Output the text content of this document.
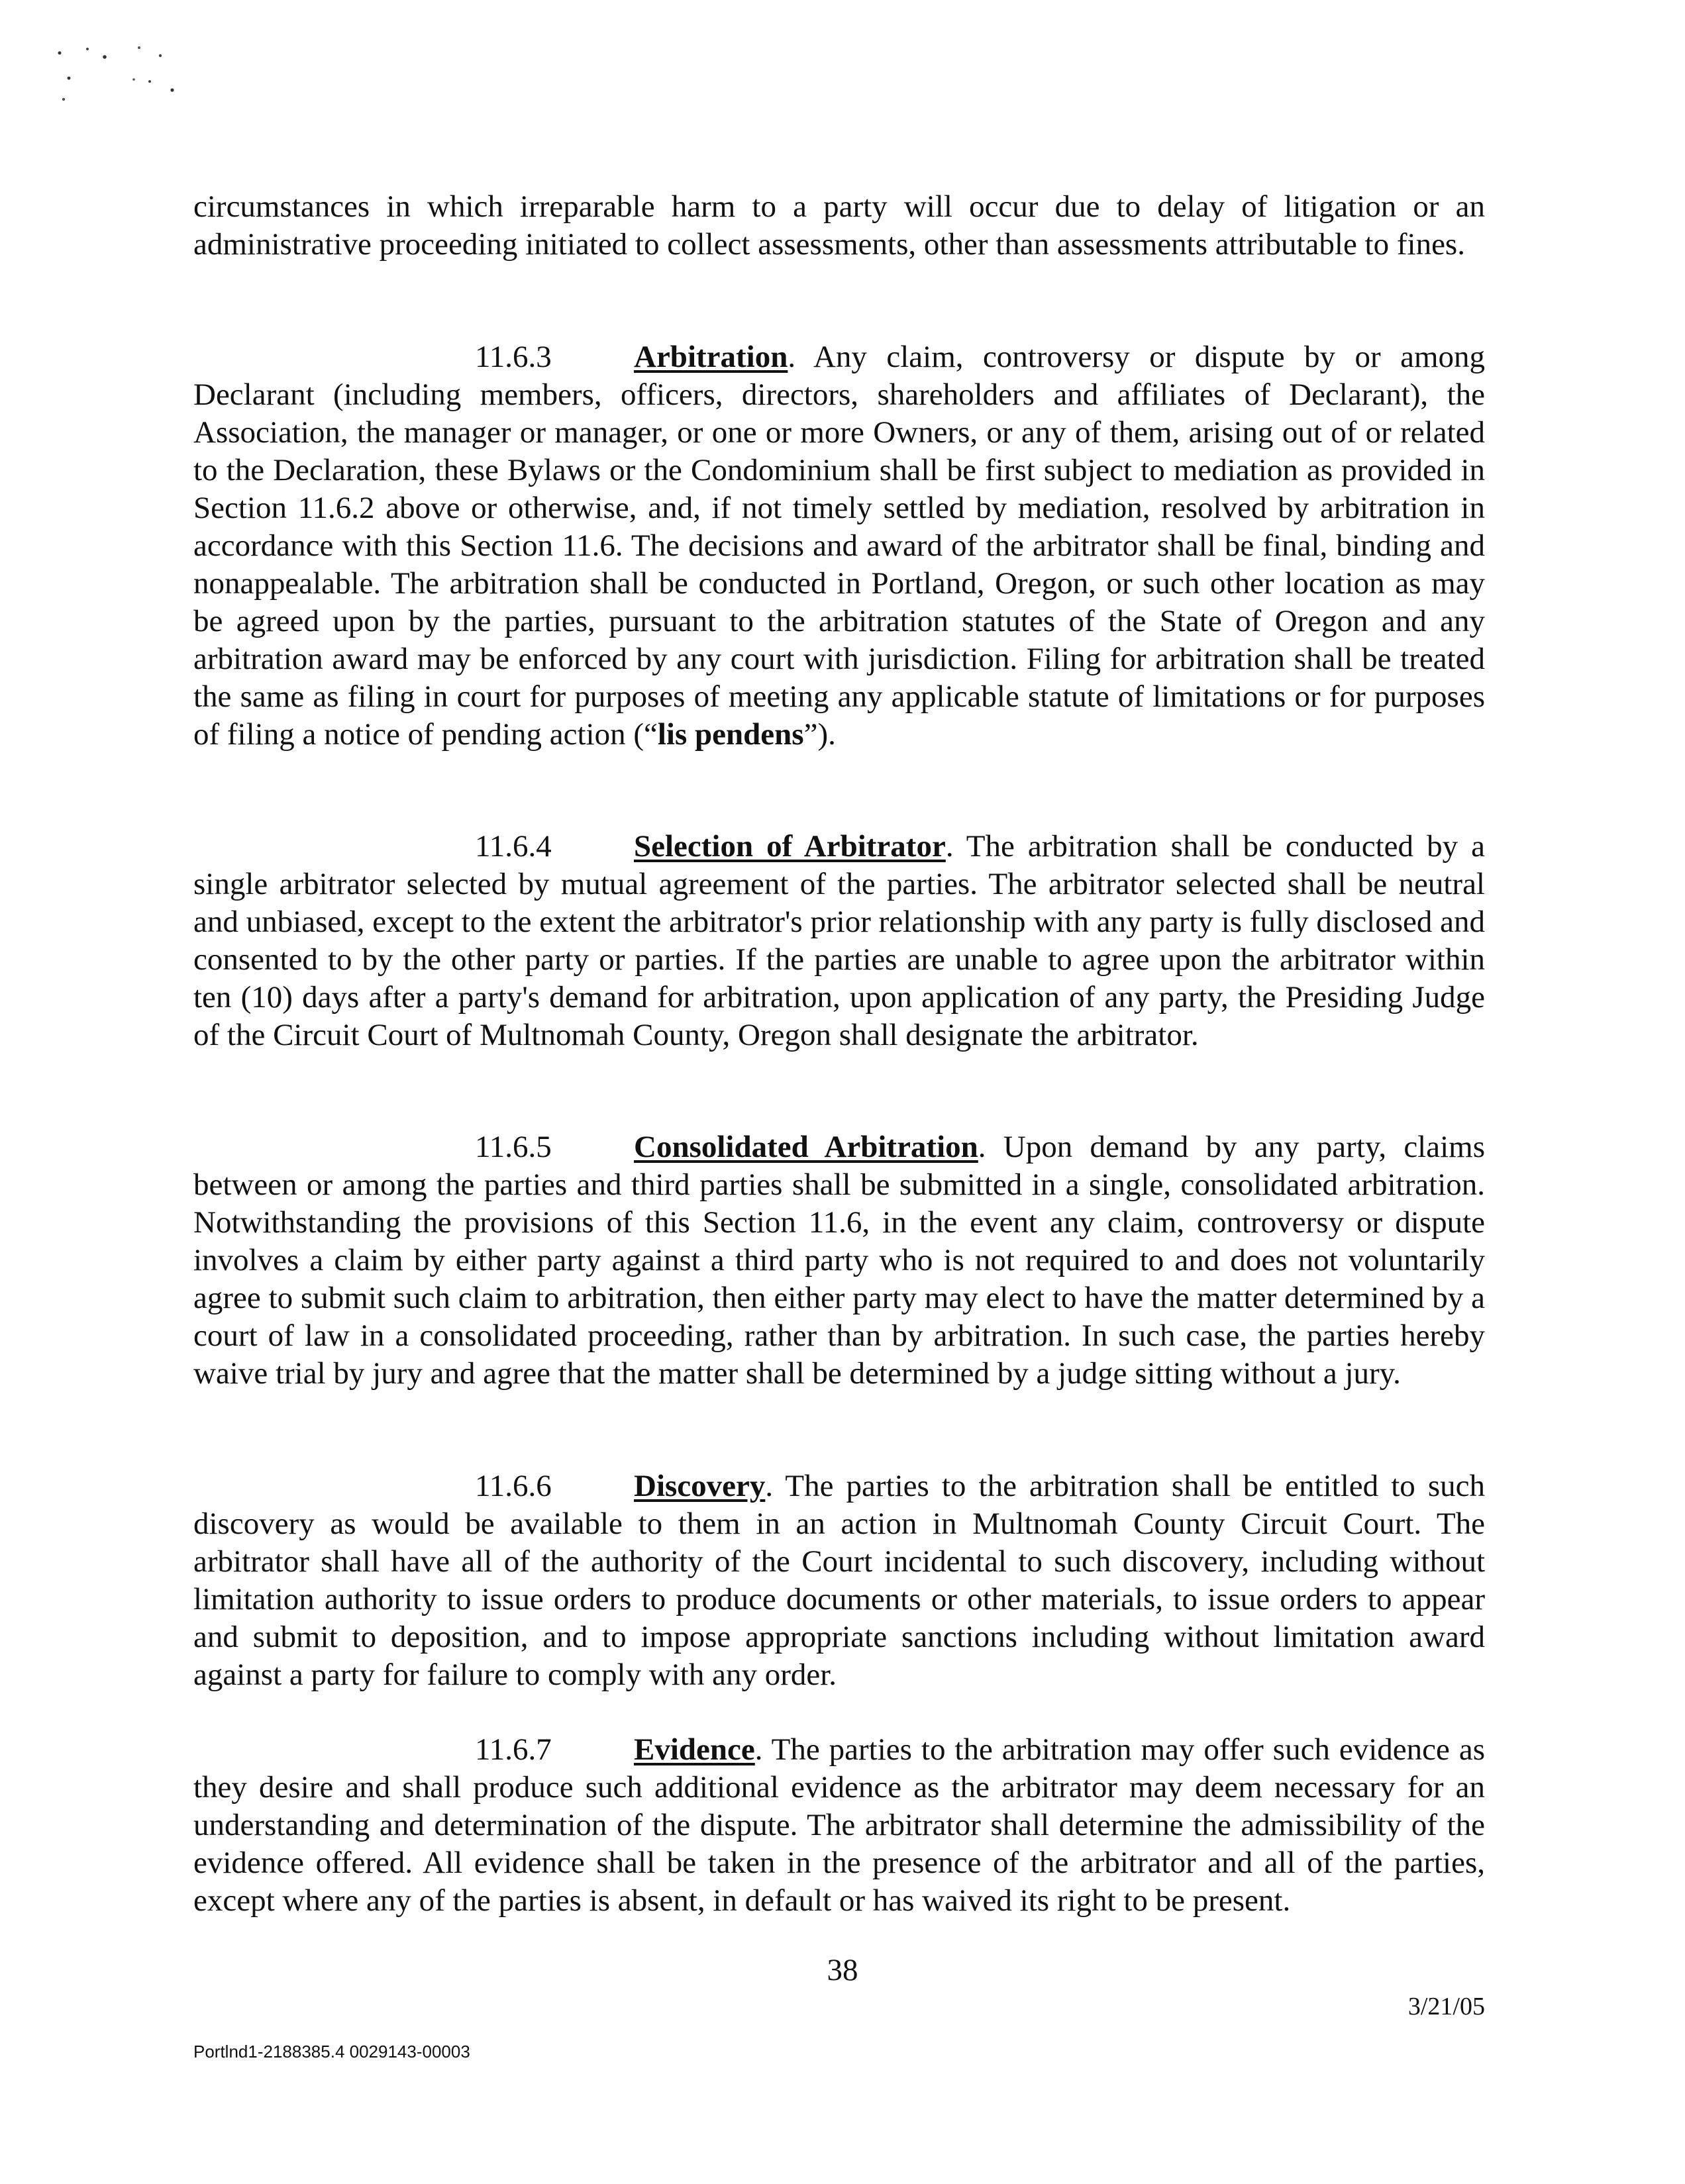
circumstances in which irreparable harm to a party will occur due to delay of litigation or an administrative proceeding initiated to collect assessments, other than assessments attributable to fines.

11.6.3	Arbitration. Any claim, controversy or dispute by or among Declarant (including members, officers, directors, shareholders and affiliates of Declarant), the Association, the manager or manager, or one or more Owners, or any of them, arising out of or related to the Declaration, these Bylaws or the Condominium shall be first subject to mediation as provided in Section 11.6.2 above or otherwise, and, if not timely settled by mediation, resolved by arbitration in accordance with this Section 11.6. The decisions and award of the arbitrator shall be final, binding and nonappealable. The arbitration shall be conducted in Portland, Oregon, or such other location as may be agreed upon by the parties, pursuant to the arbitration statutes of the State of Oregon and any arbitration award may be enforced by any court with jurisdiction. Filing for arbitration shall be treated the same as filing in court for purposes of meeting any applicable statute of limitations or for purposes of filing a notice of pending action (“lis pendens”).

11.6.4	Selection of Arbitrator. The arbitration shall be conducted by a single arbitrator selected by mutual agreement of the parties. The arbitrator selected shall be neutral and unbiased, except to the extent the arbitrator's prior relationship with any party is fully disclosed and consented to by the other party or parties. If the parties are unable to agree upon the arbitrator within ten (10) days after a party's demand for arbitration, upon application of any party, the Presiding Judge of the Circuit Court of Multnomah County, Oregon shall designate the arbitrator.

11.6.5	Consolidated Arbitration. Upon demand by any party, claims between or among the parties and third parties shall be submitted in a single, consolidated arbitration. Notwithstanding the provisions of this Section 11.6, in the event any claim, controversy or dispute involves a claim by either party against a third party who is not required to and does not voluntarily agree to submit such claim to arbitration, then either party may elect to have the matter determined by a court of law in a consolidated proceeding, rather than by arbitration. In such case, the parties hereby waive trial by jury and agree that the matter shall be determined by a judge sitting without a jury.

11.6.6	Discovery. The parties to the arbitration shall be entitled to such discovery as would be available to them in an action in Multnomah County Circuit Court. The arbitrator shall have all of the authority of the Court incidental to such discovery, including without limitation authority to issue orders to produce documents or other materials, to issue orders to appear and submit to deposition, and to impose appropriate sanctions including without limitation award against a party for failure to comply with any order.

11.6.7	Evidence. The parties to the arbitration may offer such evidence as they desire and shall produce such additional evidence as the arbitrator may deem necessary for an understanding and determination of the dispute. The arbitrator shall determine the admissibility of the evidence offered. All evidence shall be taken in the presence of the arbitrator and all of the parties, except where any of the parties is absent, in default or has waived its right to be present.

38
3/21/05
Portlnd1-2188385.4 0029143-00003
